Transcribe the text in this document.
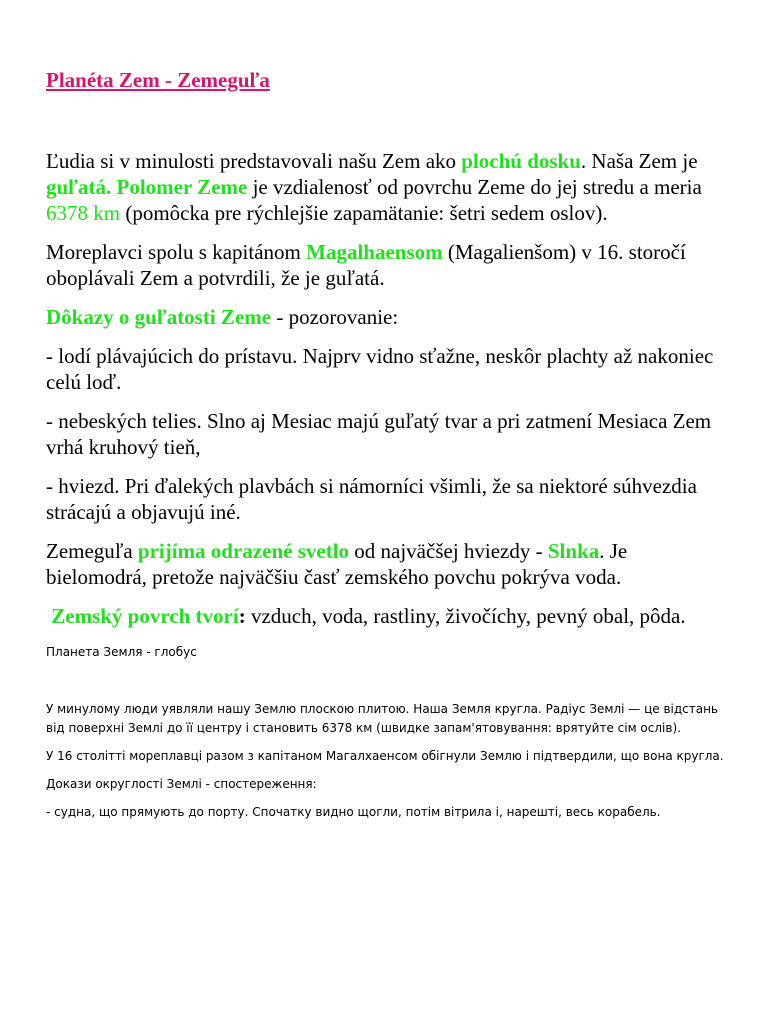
Planéta Zem - Zemeguľa

Ľudia si v minulosti predstavovali našu Zem ako plochú dosku. Naša Zem je guľatá. Polomer Zeme je vzdialenosť od povrchu Zeme do jej stredu a meria 6378 km (pomôcka pre rýchlejšie zapamätanie: šetri sedem oslov).

Moreplavci spolu s kapitánom Magalhaensom (Magalienšom) v 16. storočí oboplávali Zem a potvrdili, že je guľatá.

Dôkazy o guľatosti Zeme - pozorovanie:

- lodí plávajúcich do prístavu. Najprv vidno sťažne, neskôr plachty až nakoniec celú loď.

- nebeských telies. Slno aj Mesiac majú guľatý tvar a pri zatmení Mesiaca Zem vrhá kruhový tieň,

- hviezd. Pri ďalekých plavbách si námorníci všimli, že sa niektoré súhvezdia strácajú a objavujú iné.

Zemeguľa prijíma odrazené svetlo od najväčšej hviezdy - Slnka. Je bielomodrá, pretože najväčšiu časť zemského povchu pokrýva voda.

Zemský povrch tvorí: vzduch, voda, rastliny, živočíchy, pevný obal, pôda.

Планета Земля - глобус

У минулому люди уявляли нашу Землю плоскою плитою. Наша Земля кругла. Радіус Землі — це відстань від поверхні Землі до її центру і становить 6378 км (швидке запам'ятовування: врятуйте сім ослів).

У 16 столітті мореплавці разом з капітаном Магалхаенсом обігнули Землю і підтвердили, що вона кругла.

Докази округлості Землі - спостереження:

- судна, що прямують до порту. Спочатку видно щогли, потім вітрила і, нарешті, весь корабель.
